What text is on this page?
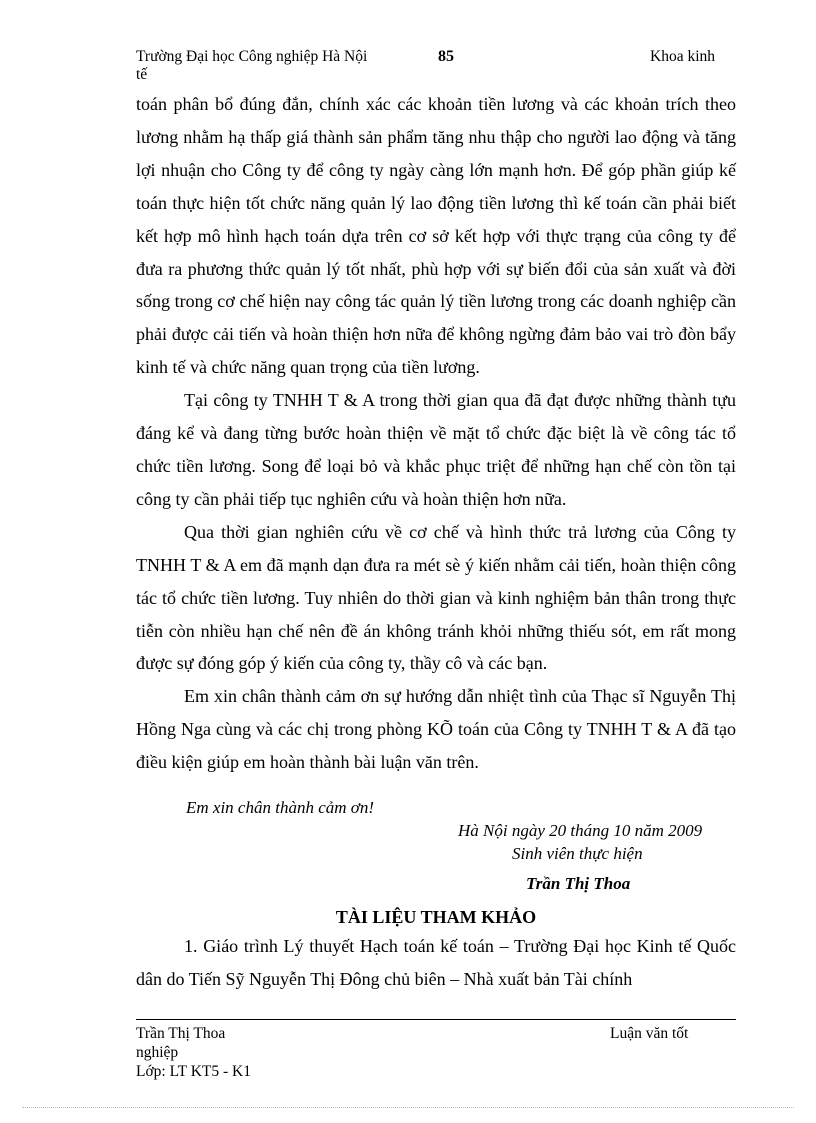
Trường Đại học Công nghiệp Hà Nội	85	Khoa kinh
tế

toán phân bổ đúng đắn, chính xác các khoản tiền lương và các khoản trích theo lương nhằm hạ thấp giá thành sản phẩm tăng nhu thập cho người lao động và tăng lợi nhuận cho Công ty để công ty ngày càng lớn mạnh hơn. Để góp phần giúp kế toán thực hiện tốt chức năng quản lý lao động tiền lương thì kế toán cần phải biết kết hợp mô hình hạch toán dựa trên cơ sở kết hợp với thực trạng của công ty để đưa ra phương thức quản lý tốt nhất, phù hợp với sự biến đổi của sản xuất và đời sống trong cơ chế hiện nay công tác quản lý tiền lương trong các doanh nghiệp cần phải được cải tiến và hoàn thiện hơn nữa để không ngừng đảm bảo vai trò đòn bẩy kinh tế và chức năng quan trọng của tiền lương.

Tại công ty TNHH T & A trong thời gian qua đã đạt được những thành tựu đáng kể và đang từng bước hoàn thiện về mặt tổ chức đặc biệt là về công tác tổ chức tiền lương. Song để loại bỏ và khắc phục triệt để những hạn chế còn tồn tại công ty cần phải tiếp tục nghiên cứu và hoàn thiện hơn nữa.

Qua thời gian nghiên cứu về cơ chế và hình thức trả lương của Công ty TNHH T & A em đã mạnh dạn đưa ra mét sè ý kiến nhằm cải tiến, hoàn thiện công tác tổ chức tiền lương. Tuy nhiên do thời gian và kinh nghiệm bản thân trong thực tiễn còn nhiều hạn chế nên đề án không tránh khỏi những thiếu sót, em rất mong được sự đóng góp ý kiến của công ty, thầy cô và các bạn.

Em xin chân thành cảm ơn sự hướng dẫn nhiệt tình của Thạc sĩ Nguyễn Thị Hồng Nga cùng và các chị trong phòng KÕ toán của Công ty TNHH T & A đã tạo điều kiện giúp em hoàn thành bài luận văn trên.

Em xin chân thành cảm ơn!
Hà Nội ngày 20 tháng 10 năm 2009
Sinh viên thực hiện
Trần Thị Thoa
TÀI LIỆU THAM KHẢO

1. Giáo trình Lý thuyết Hạch toán kế toán – Trường Đại học Kinh tế Quốc dân do Tiến Sỹ Nguyễn Thị Đông chủ biên – Nhà xuất bản Tài chính

Trần Thị Thoa	Luận văn tốt
nghiệp
Lớp: LT KT5 - K1
